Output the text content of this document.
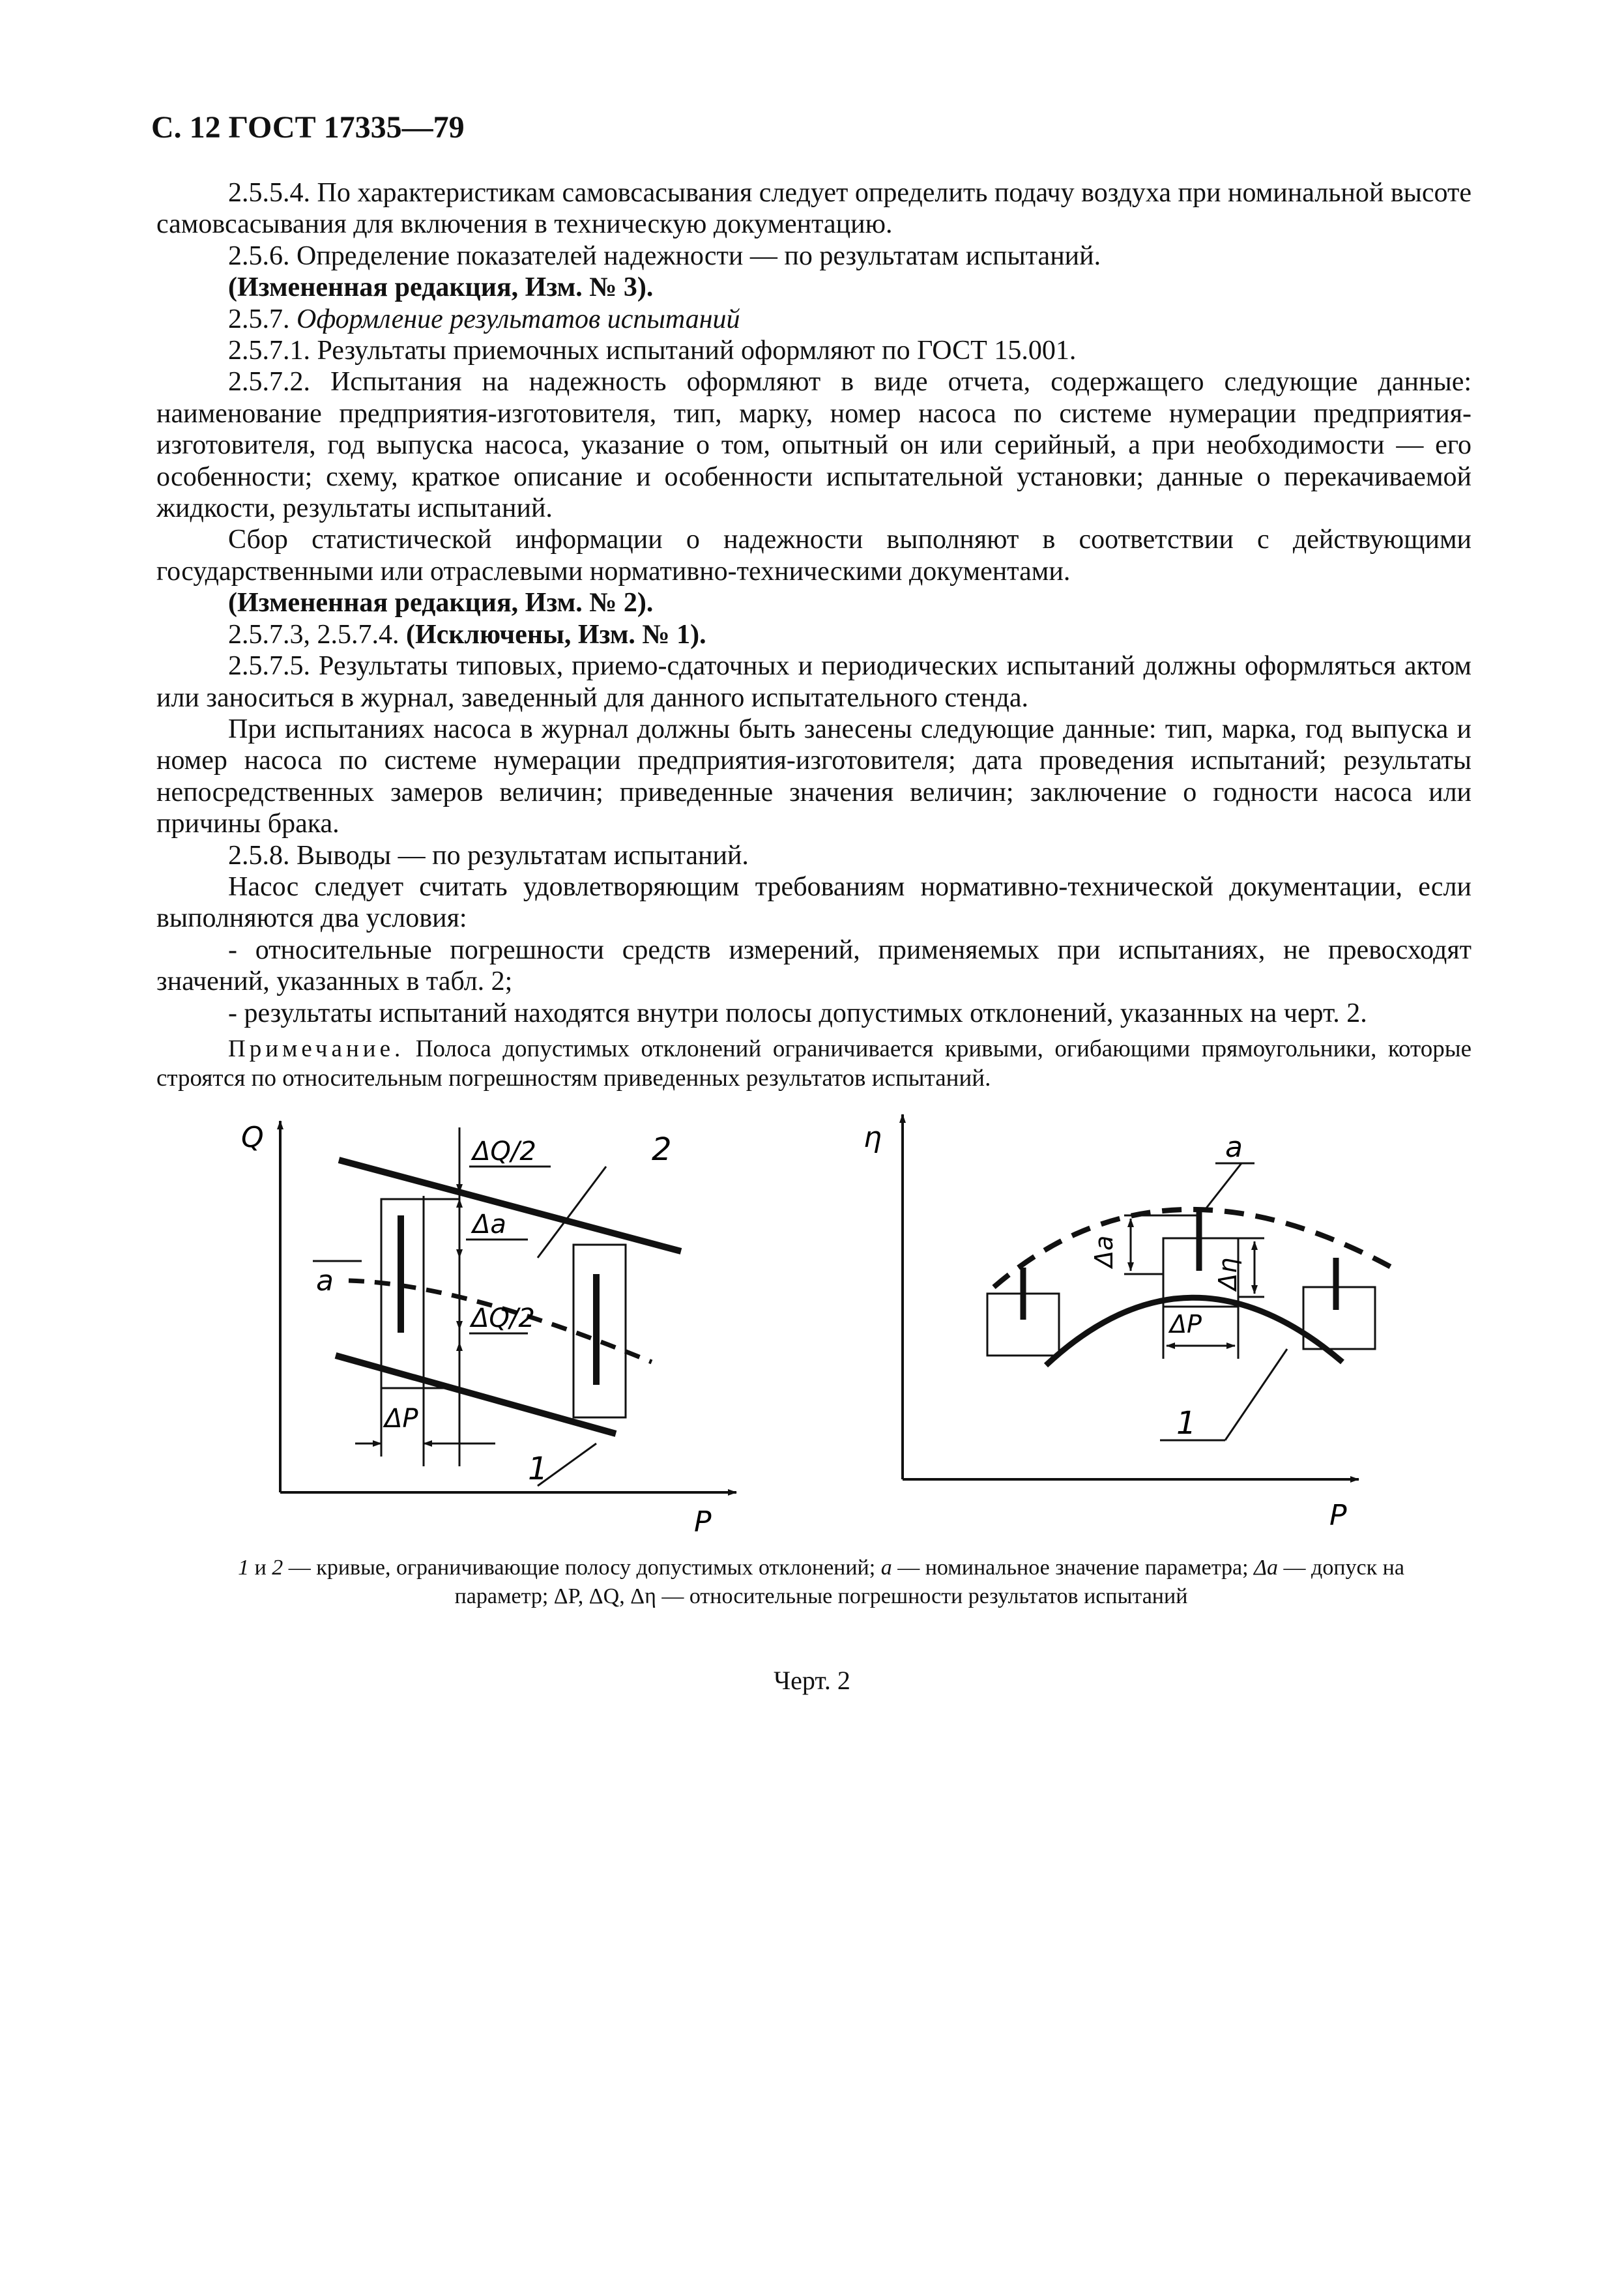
С. 12 ГОСТ 17335—79

2.5.5.4. По характеристикам самовсасывания следует определить подачу воздуха при номинальной высоте самовсасывания для включения в техническую документацию.

2.5.6. Определение показателей надежности — по результатам испытаний.

(Измененная редакция, Изм. № 3).

2.5.7. Оформление результатов испытаний

2.5.7.1. Результаты приемочных испытаний оформляют по ГОСТ 15.001.

2.5.7.2. Испытания на надежность оформляют в виде отчета, содержащего следующие данные: наименование предприятия-изготовителя, тип, марку, номер насоса по системе нумерации предприятия-изготовителя, год выпуска насоса, указание о том, опытный он или серийный, а при необходимости — его особенности; схему, краткое описание и особенности испытательной установки; данные о перекачиваемой жидкости, результаты испытаний.

Сбор статистической информации о надежности выполняют в соответствии с действующими государственными или отраслевыми нормативно-техническими документами.

(Измененная редакция, Изм. № 2).

2.5.7.3, 2.5.7.4. (Исключены, Изм. № 1).

2.5.7.5. Результаты типовых, приемо-сдаточных и периодических испытаний должны оформляться актом или заноситься в журнал, заведенный для данного испытательного стенда.

При испытаниях насоса в журнал должны быть занесены следующие данные: тип, марка, год выпуска и номер насоса по системе нумерации предприятия-изготовителя; дата проведения испытаний; результаты непосредственных замеров величин; приведенные значения величин; заключение о годности насоса или причины брака.

2.5.8. Выводы — по результатам испытаний.

Насос следует считать удовлетворяющим требованиям нормативно-технической документации, если выполняются два условия:

- относительные погрешности средств измерений, применяемых при испытаниях, не превосходят значений, указанных в табл. 2;

- результаты испытаний находятся внутри полосы допустимых отклонений, указанных на черт. 2.

Примечание. Полоса допустимых отклонений ограничивается кривыми, огибающими прямоугольники, которые строятся по относительным погрешностям приведенных результатов испытаний.

Q
P
ΔQ/2
Δa
ΔQ/2
ΔP
a
2
1
η
P
a
Δa
Δη
ΔP
1
1 и 2 — кривые, ограничивающие полосу допустимых отклонений; a — номинальное значение параметра; Δa — допуск на
параметр; ΔP, ΔQ, Δη — относительные погрешности результатов испытаний
Черт. 2
